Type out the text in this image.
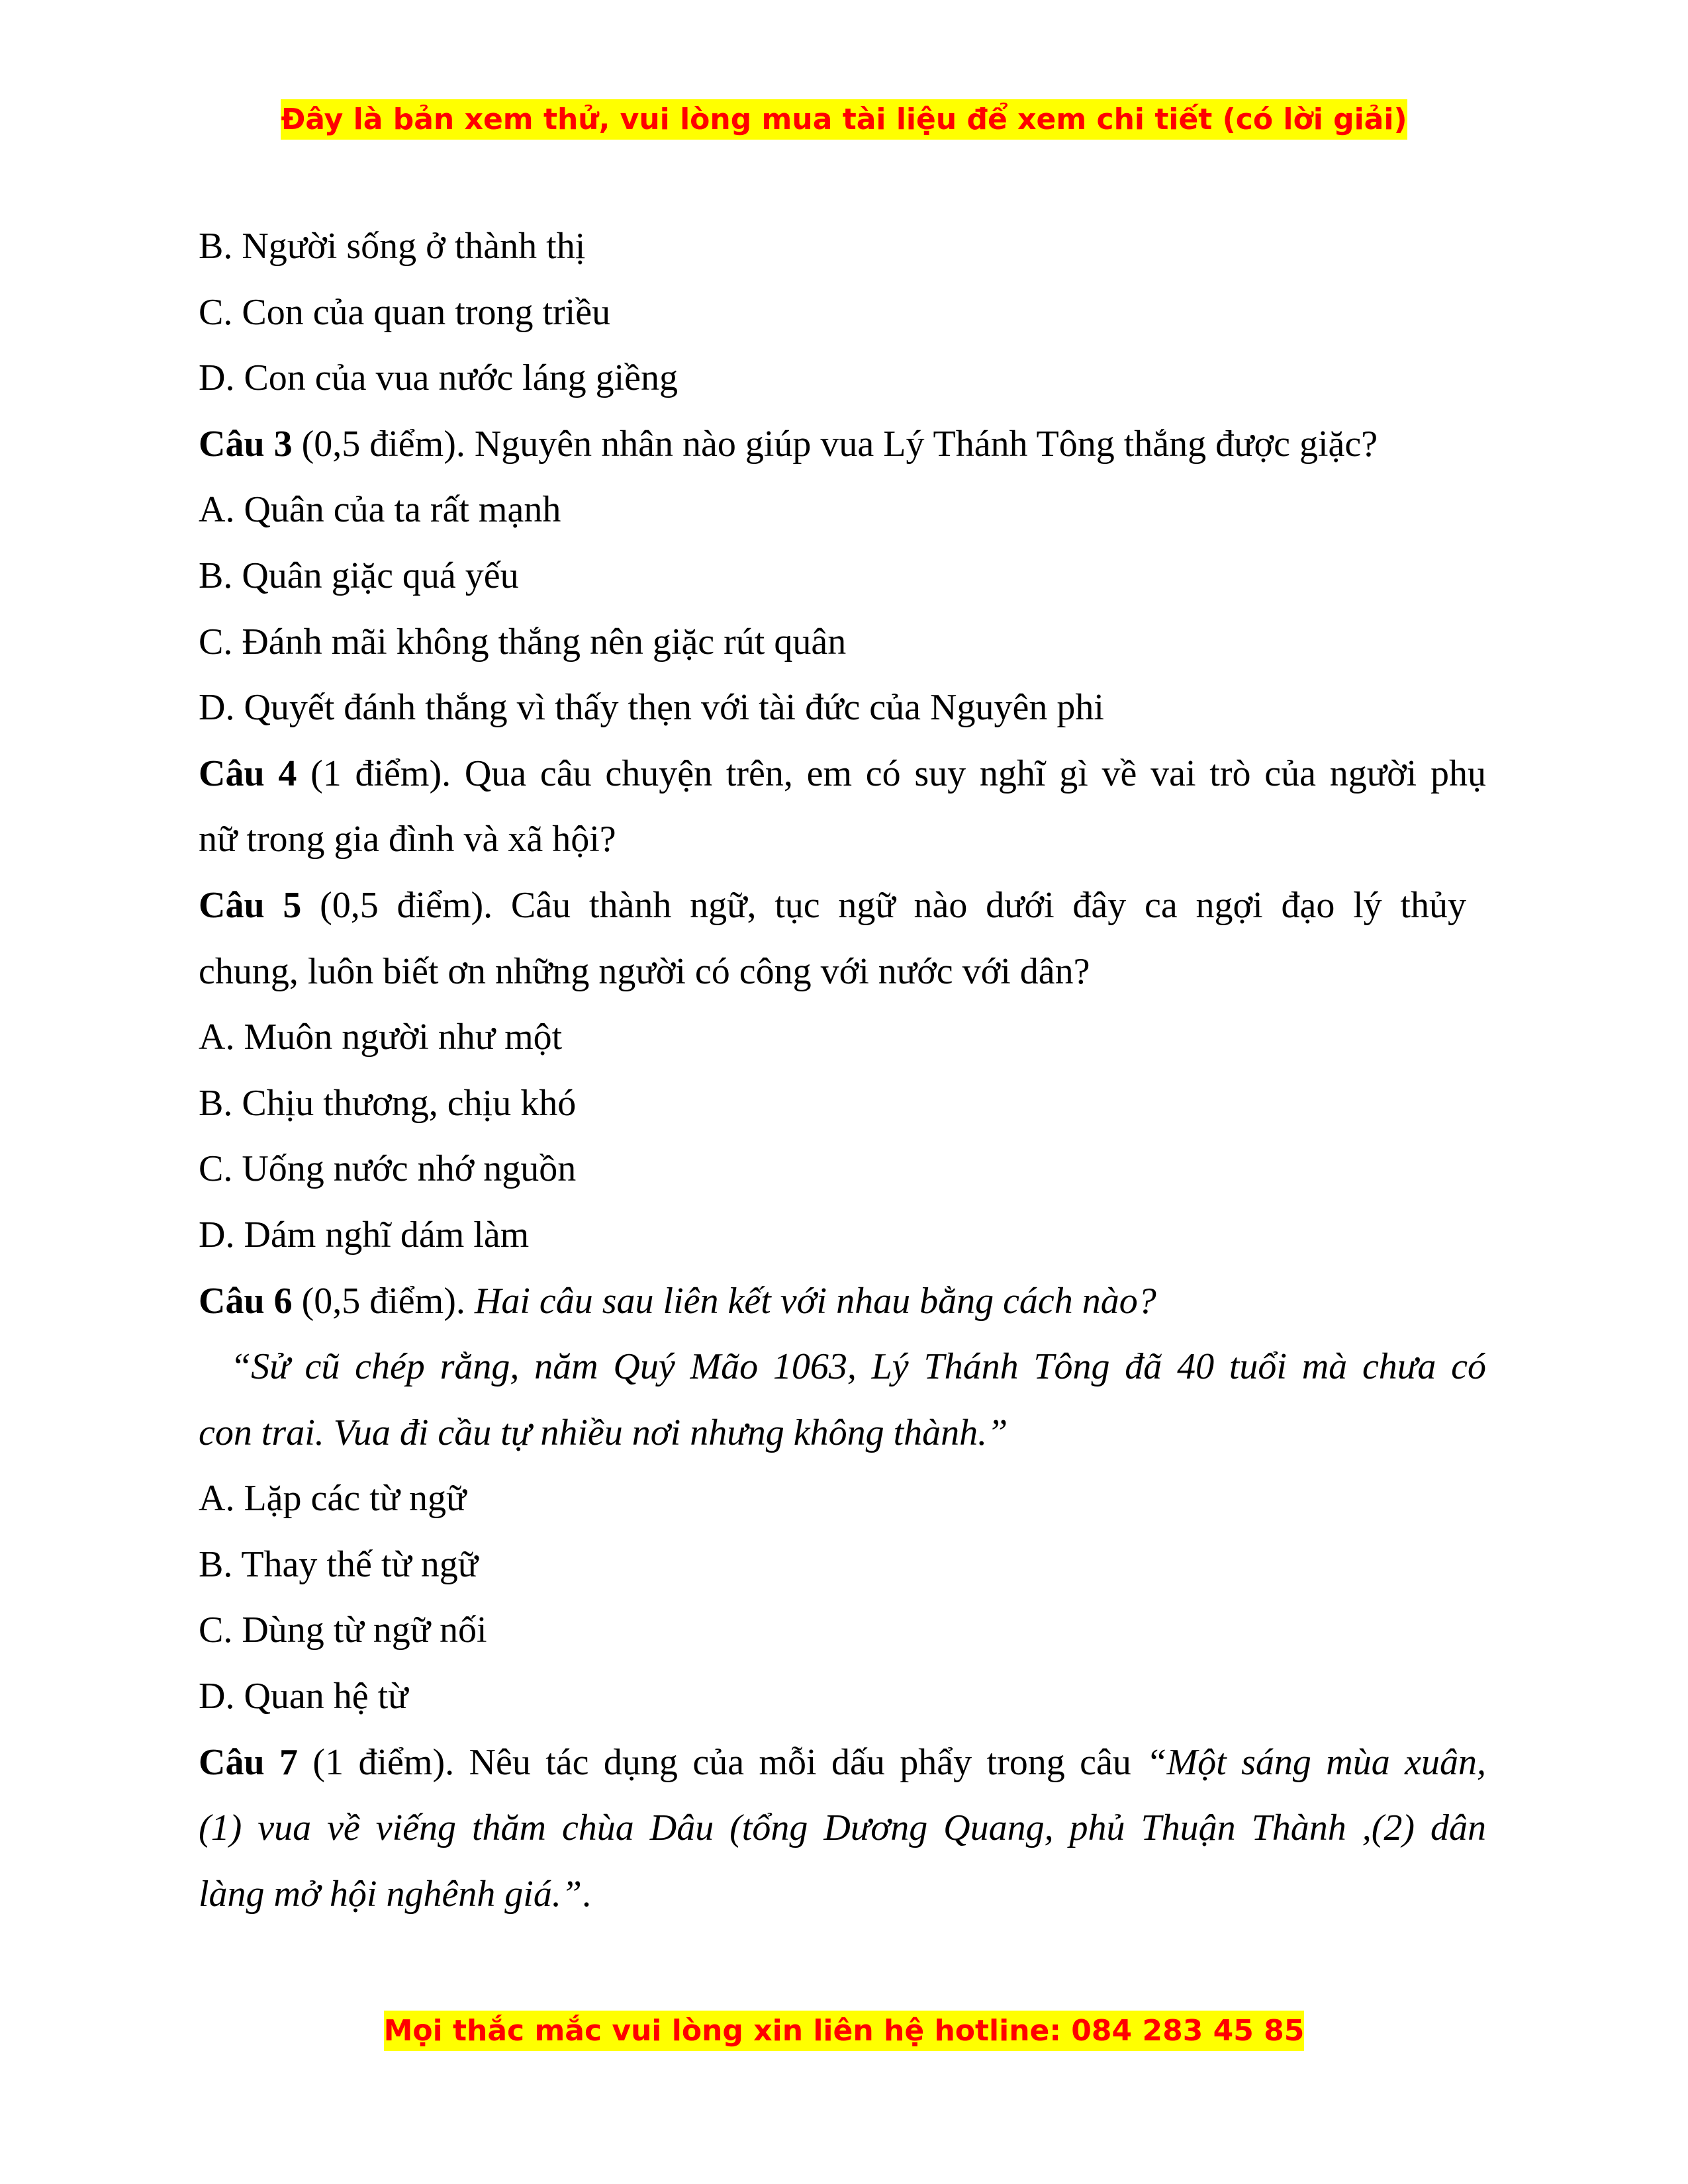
Đây là bản xem thử, vui lòng mua tài liệu để xem chi tiết (có lời giải)
B. Người sống ở thành thị
C. Con của quan trong triều
D. Con của vua nước láng giềng
Câu 3 (0,5 điểm). Nguyên nhân nào giúp vua Lý Thánh Tông thắng được giặc?
A. Quân của ta rất mạnh
B. Quân giặc quá yếu
C. Đánh mãi không thắng nên giặc rút quân
D. Quyết đánh thắng vì thấy thẹn với tài đức của Nguyên phi
Câu 4 (1 điểm). Qua câu chuyện trên, em có suy nghĩ gì về vai trò của người phụ
nữ trong gia đình và xã hội?
Câu 5 (0,5 điểm). Câu thành ngữ, tục ngữ nào dưới đây ca ngợi đạo lý thủy
chung, luôn biết ơn những người có công với nước với dân?
A. Muôn người như một
B. Chịu thương, chịu khó
C. Uống nước nhớ nguồn
D. Dám nghĩ dám làm
Câu 6 (0,5 điểm). Hai câu sau liên kết với nhau bằng cách nào?
“Sử cũ chép rằng, năm Quý Mão 1063, Lý Thánh Tông đã 40 tuổi mà chưa có
con trai. Vua đi cầu tự nhiều nơi nhưng không thành.”
A. Lặp các từ ngữ
B. Thay thế từ ngữ
C. Dùng từ ngữ nối
D. Quan hệ từ
Câu 7 (1 điểm). Nêu tác dụng của mỗi dấu phẩy trong câu “Một sáng mùa xuân,
(1) vua về viếng thăm chùa Dâu (tổng Dương Quang, phủ Thuận Thành ,(2) dân
làng mở hội nghênh giá.”.
Mọi thắc mắc vui lòng xin liên hệ hotline: 084 283 45 85
